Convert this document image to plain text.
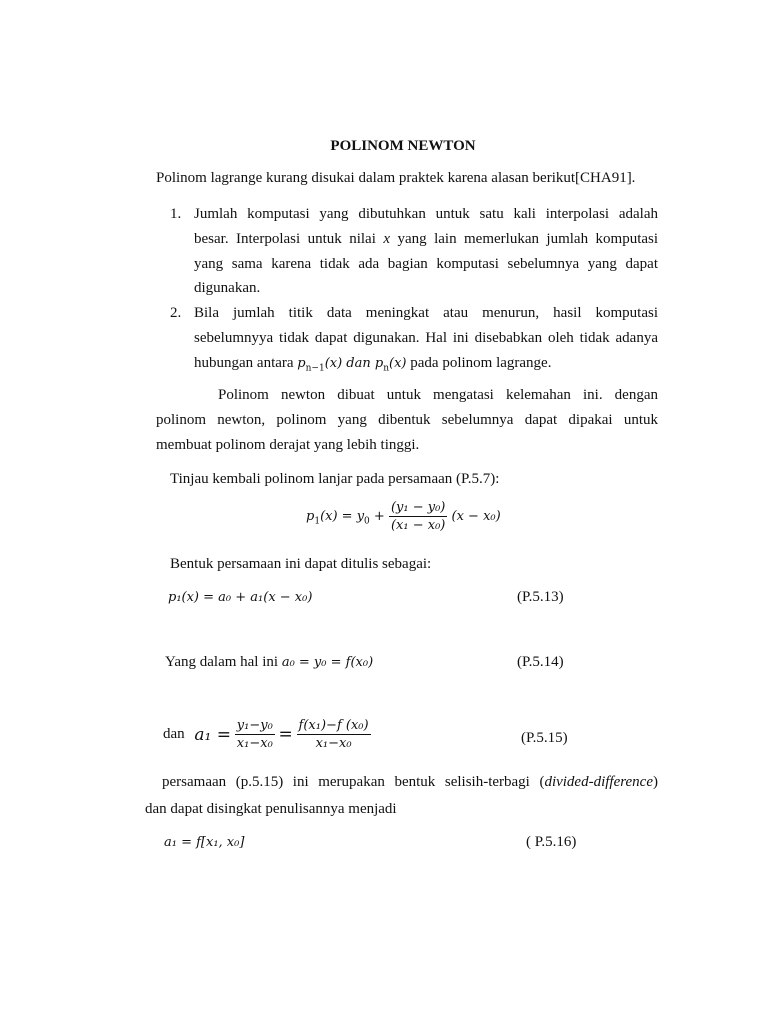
POLINOM NEWTON
Polinom lagrange kurang disukai dalam praktek karena alasan berikut[CHA91].
1. Jumlah komputasi yang dibutuhkan untuk satu kali interpolasi adalah
besar. Interpolasi untuk nilai x yang lain memerlukan jumlah komputasi
yang sama karena tidak ada bagian komputasi sebelumnya yang dapat
digunakan.
2. Bila jumlah titik data meningkat atau menurun, hasil komputasi
sebelumnyya tidak dapat digunakan. Hal ini disebabkan oleh tidak adanya
hubungan antara $p_{n-1}(x)$ dan $p_n(x)$ pada polinom lagrange.
Polinom newton dibuat untuk mengatasi kelemahan ini. dengan
polinom newton, polinom yang dibentuk sebelumnya dapat dipakai untuk
membuat polinom derajat yang lebih tinggi.
Tinjau kembali polinom lanjar pada persamaan (P.5.7):
$p_1(x) = y_0 + \frac{\text{(y₁ − y₀)}}{\text{(x₁ − x₀)}} (x - x_0)$
Bentuk persamaan ini dapat ditulis sebagai:
p₁(x) = a₀ + a₁(x − x₀)	(P.5.13)
Yang dalam hal ini a₀ = y₀ = f(x₀)	(P.5.14)
dan $a_1 = \frac{\text{y₁−y₀}}{\text{x₁−x₀}} = \frac{\text{f(x₁)−f (x₀)}}{\text{x₁−x₀}}$	(P.5.15)
persamaan (p.5.15) ini merupakan bentuk selisih-terbagi (divided-difference)
dan dapat disingkat penulisannya menjadi
a₁ = f[x₁, x₀]	( P.5.16)
